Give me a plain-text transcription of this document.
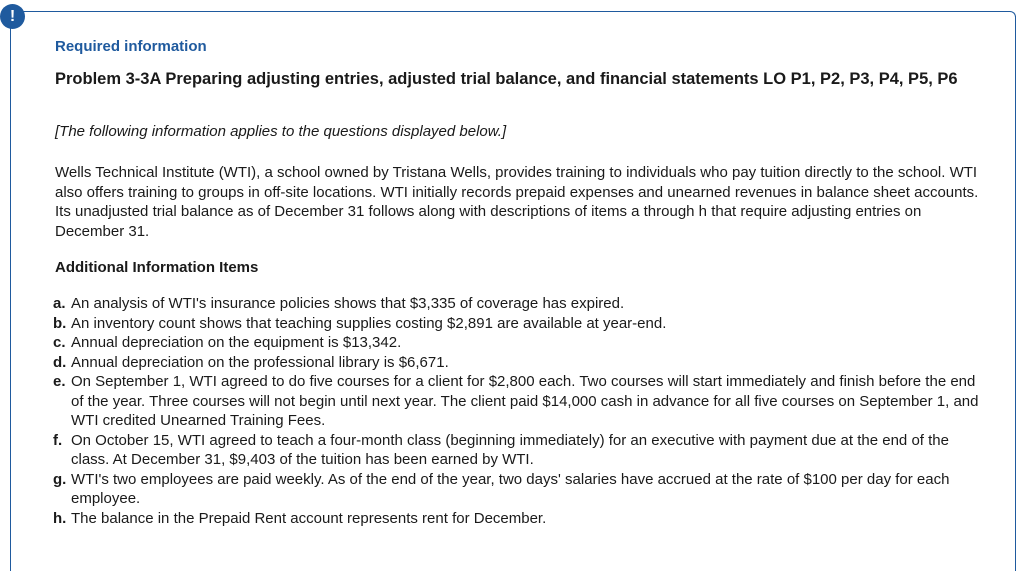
!
Required information
Problem 3-3A Preparing adjusting entries, adjusted trial balance, and financial statements LO P1, P2, P3, P4, P5, P6
[The following information applies to the questions displayed below.]
Wells Technical Institute (WTI), a school owned by Tristana Wells, provides training to individuals who pay tuition directly to the school. WTI also offers training to groups in off-site locations. WTI initially records prepaid expenses and unearned revenues in balance sheet accounts. Its unadjusted trial balance as of December 31 follows along with descriptions of items a through h that require adjusting entries on December 31.
Additional Information Items
a. An analysis of WTI's insurance policies shows that $3,335 of coverage has expired.
b. An inventory count shows that teaching supplies costing $2,891 are available at year-end.
c. Annual depreciation on the equipment is $13,342.
d. Annual depreciation on the professional library is $6,671.
e. On September 1, WTI agreed to do five courses for a client for $2,800 each. Two courses will start immediately and finish before the end of the year. Three courses will not begin until next year. The client paid $14,000 cash in advance for all five courses on September 1, and WTI credited Unearned Training Fees.
f. On October 15, WTI agreed to teach a four-month class (beginning immediately) for an executive with payment due at the end of the class. At December 31, $9,403 of the tuition has been earned by WTI.
g. WTI's two employees are paid weekly. As of the end of the year, two days' salaries have accrued at the rate of $100 per day for each employee.
h. The balance in the Prepaid Rent account represents rent for December.
